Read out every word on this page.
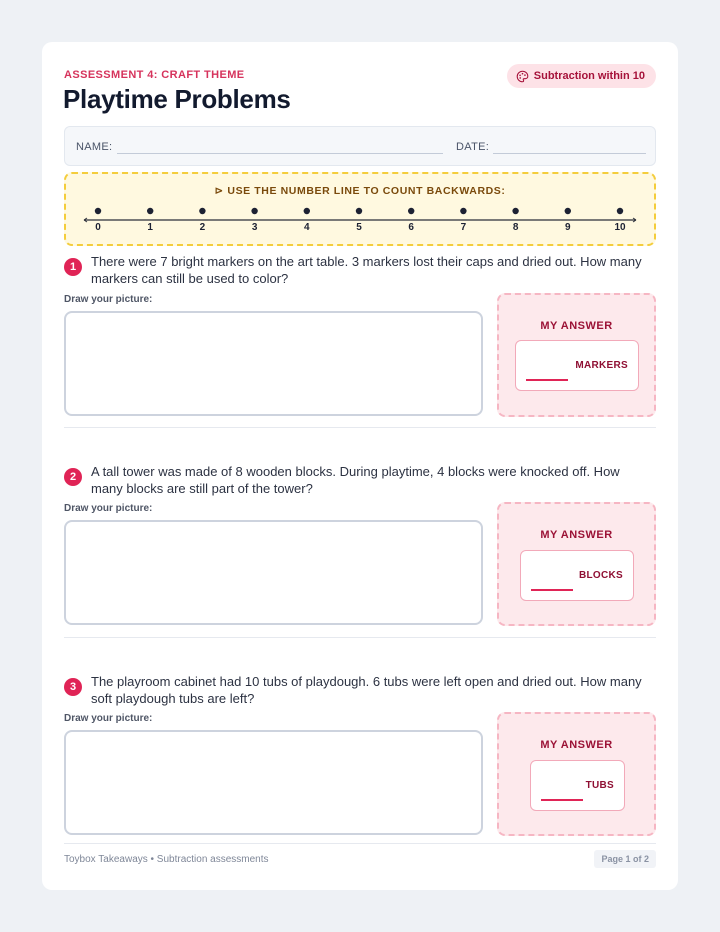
ASSESSMENT 4: CRAFT THEME
Playtime Problems
Subtraction within 10
NAME:	DATE:
⊳ USE THE NUMBER LINE TO COUNT BACKWARDS:
0	1	2	3	4	5	6	7	8	9	10
1	There were 7 bright markers on the art table. 3 markers lost their caps and dried out. How many markers can still be used to color?
Draw your picture:
MY ANSWER
MARKERS
2	A tall tower was made of 8 wooden blocks. During playtime, 4 blocks were knocked off. How many blocks are still part of the tower?
Draw your picture:
MY ANSWER
BLOCKS
3	The playroom cabinet had 10 tubs of playdough. 6 tubs were left open and dried out. How many soft playdough tubs are left?
Draw your picture:
MY ANSWER
TUBS
Toybox Takeaways • Subtraction assessments	Page 1 of 2
